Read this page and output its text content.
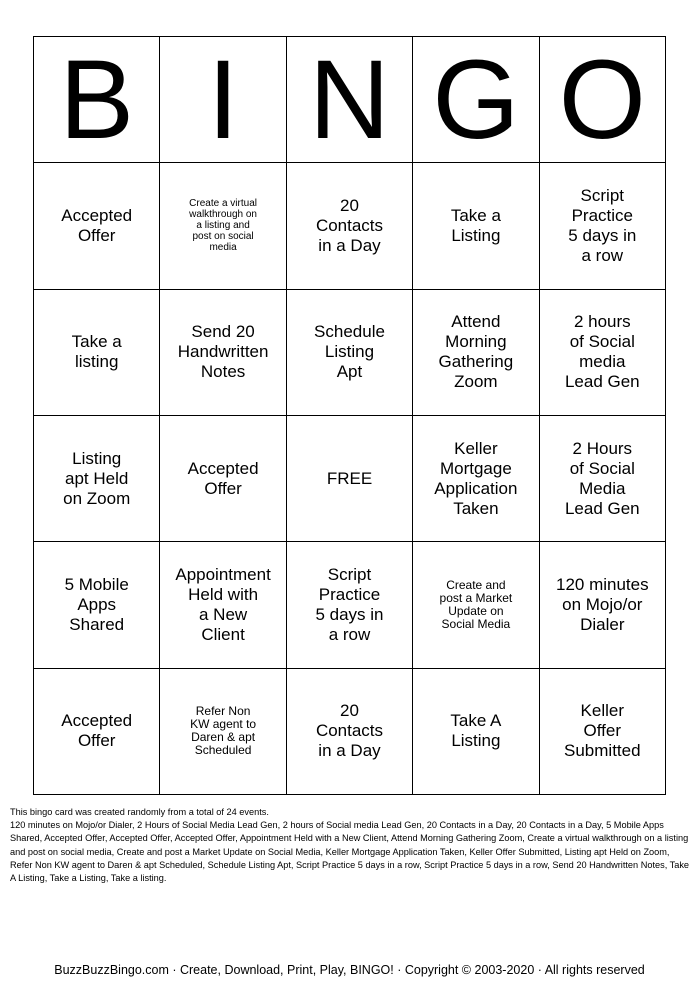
B I N G O
Accepted
Offer
Create a virtual
walkthrough on
a listing and
post on social
media
20
Contacts
in a Day
Take a
Listing
Script
Practice
5 days in
a row
Take a
listing
Send 20
Handwritten
Notes
Schedule
Listing
Apt
Attend
Morning
Gathering
Zoom
2 hours
of Social
media
Lead Gen
Listing
apt Held
on Zoom
Accepted
Offer
FREE
Keller
Mortgage
Application
Taken
2 Hours
of Social
Media
Lead Gen
5 Mobile
Apps
Shared
Appointment
Held with
a New
Client
Script
Practice
5 days in
a row
Create and
post a Market
Update on
Social Media
120 minutes
on Mojo/or
Dialer
Accepted
Offer
Refer Non
KW agent to
Daren & apt
Scheduled
20
Contacts
in a Day
Take A
Listing
Keller
Offer
Submitted
This bingo card was created randomly from a total of 24 events.
120 minutes on Mojo/or Dialer, 2 Hours of Social Media Lead Gen, 2 hours of Social media Lead Gen, 20 Contacts in a Day, 20 Contacts in a Day, 5 Mobile Apps Shared, Accepted Offer, Accepted Offer, Accepted Offer, Appointment Held with a New Client, Attend Morning Gathering Zoom, Create a virtual walkthrough on a listing and post on social media, Create and post a Market Update on Social Media, Keller Mortgage Application Taken, Keller Offer Submitted, Listing apt Held on Zoom, Refer Non KW agent to Daren & apt Scheduled, Schedule Listing Apt, Script Practice 5 days in a row, Script Practice 5 days in a row, Send 20 Handwritten Notes, Take A Listing, Take a Listing, Take a listing.
BuzzBuzzBingo.com · Create, Download, Print, Play, BINGO! · Copyright © 2003-2020 · All rights reserved
